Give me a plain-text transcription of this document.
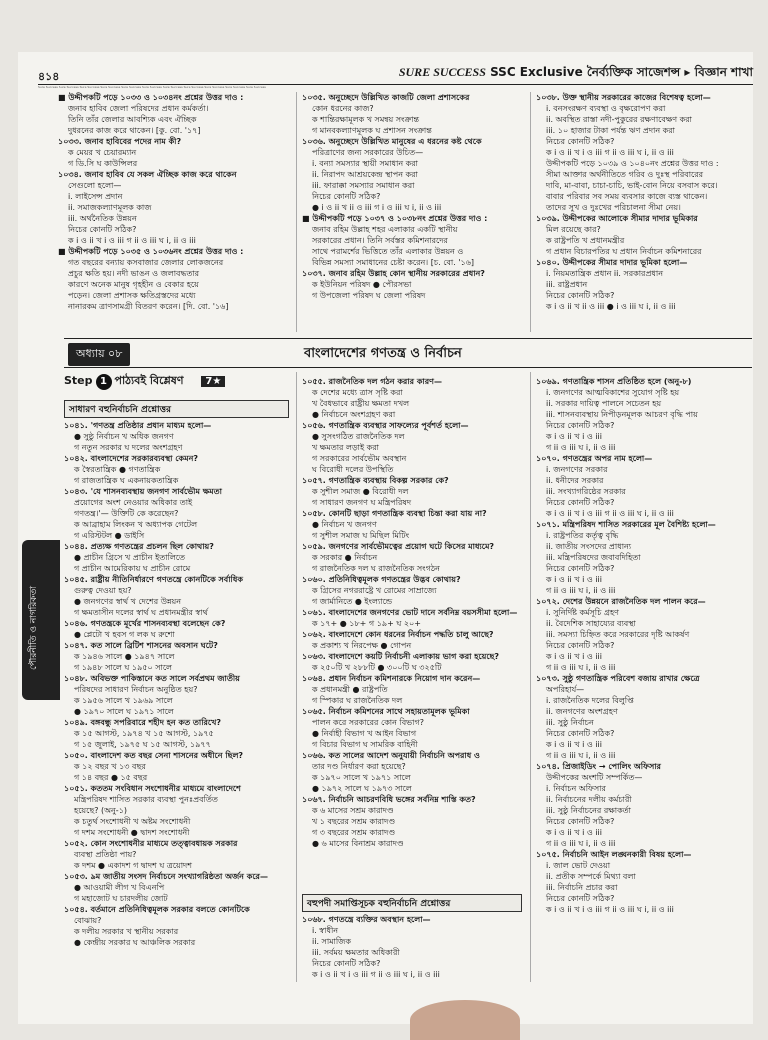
৪১৪	SURE SUCCESS SSC Exclusive নৈর্ব্যক্তিক সাজেশন্স ▸ বিজ্ঞান শাখা
Sure Success Sure Success Sure Success Sure Success Sure Success Sure Success Sure Success Sure Success Sure Success Sure Success Sure Success
■ উদ্দীপকটি পড়ে ১০৩৩ ও ১০৩৪নং প্রশ্নের উত্তর দাও :
জনাব হাবিব জেলা পরিষদের প্রধান কর্মকর্তা।
তিনি তাঁর জেলার আবশ্যিক এবং ঐচ্ছিক
দুধরনের কাজ করে থাকেন। [কু. বো. '১৭]
১০৩৩. জনাব হাবিবের পদের নাম কী?
ক মেয়র খ চেয়ারম্যান
গ ডি.সি ঘ কাউন্সিলর
১০৩৪. জনাব হাবিব যে সকল ঐচ্ছিক কাজ করে থাকেন
সেগুলো হলো—
i. লাইসেন্স প্রদান
ii. সমাজকল্যাণমূলক কাজ
iii. অর্থনৈতিক উন্নয়ন
নিচের কোনটি সঠিক?
ক i ও ii খ i ও iii গ ii ও iii ঘ i, ii ও iii
■ উদ্দীপকটি পড়ে ১০৩৫ ও ১০৩৬নং প্রশ্নের উত্তর দাও :
গত বছরের বন্যায় কসবাজার জেলার লোকজনের
প্রচুর ক্ষতি হয়। নদী ভাঙন ও জলাবদ্ধতার
কারণে অনেক মানুষ গৃহহীন ও বেকার হয়ে
পড়েন। জেলা প্রশাসক ক্ষতিগ্রস্তদের মধ্যে
নানারকম ত্রাণসামগ্রী বিতরণ করেন। [দি. বো. '১৬]
১০৩৫. অনুচ্ছেদে উল্লিখিত কাজটি জেলা প্রশাসকের
কোন ধরনের কাজ?
ক শান্তিরক্ষামূলক খ সমন্বয় সংক্রান্ত
গ মানবকল্যাণমূলক ঘ প্রশাসন সংক্রান্ত
১০৩৬. অনুচ্ছেদে উল্লিখিত মানুষের এ ধরনের কষ্ট থেকে
পরিত্রাণের জন্য সরকারের উচিত—
i. বন্যা সমস্যার স্থায়ী সমাধান করা
ii. নিরাপদ আশ্রয়কেন্দ্র স্থাপন করা
iii. ফারাক্কা সমস্যার সমাধান করা
নিচের কোনটি সঠিক?
● i ও ii খ ii ও iii গ i ও iii ঘ i, ii ও iii
■ উদ্দীপকটি পড়ে ১০৩৭ ও ১০৩৮নং প্রশ্নের উত্তর দাও :
জনাব রহিম উল্লাহ শহর এলাকার একটি স্থানীয়
সরকারের প্রধান। তিনি সর্বস্তর কমিশনারদের
সাথে পরামর্শের ভিত্তিতে তাঁর এলাকার উন্নয়ন ও
বিভিন্ন সমস্যা সমাধানের চেষ্টা করেন। [চ. বো. '১৬]
১০৩৭. জনাব রহিম উল্লাহ কোন স্থানীয় সরকারের প্রধান?
ক ইউনিয়ন পরিষদ ● পৌরসভা
গ উপজেলা পরিষদ ঘ জেলা পরিষদ
১০৩৮. উক্ত স্থানীয় সরকারের কাজের বিশেষত্ব হলো—
i. বনসংরক্ষণ ব্যবস্থা ও বৃক্ষরোপণ করা
ii. অবস্থিত রাস্তা নদী-পুকুরের রক্ষণাবেক্ষণ করা
iii. ১০ হাজার টাকা পর্যন্ত ঋণ প্রদান করা
নিচের কোনটি সঠিক?
ক i ও ii খ i ও iii গ ii ও iii ঘ i, ii ও iii
উদ্দীপকটি পড়ে ১০৩৯ ও ১০৪০নং প্রশ্নের উত্তর দাও :
সীমা আক্তার অর্থনীতিতে গরিব ও দুঃস্থ পরিবারের
দাবি, মা-বাবা, চাচা-চাচি, ভাই-বোন নিয়ে বসবাস করে।
বাবার পরিবার সব সময় ব্যবসার কাজে ব্যস্ত থাকেন।
তাদের সুখ ও দুঃখের পরিচালনা সীমা নেয়।
১০৩৯. উদ্দীপকের আলোকে সীমার দাদার ভূমিকার
মিল রয়েছে কার?
ক রাষ্ট্রপতি খ প্রধানমন্ত্রীর
গ প্রধান বিচারপতির ঘ প্রধান নির্বাচন কমিশনারের
১০৪০. উদ্দীপকের সীমার দাদার ভূমিকা হলো—
i. নিয়মতান্ত্রিক প্রধান ii. সরকারপ্রধান
iii. রাষ্ট্রপ্রধান
নিচের কোনটি সঠিক?
ক i ও ii খ ii ও iii ● i ও iii ঘ i, ii ও iii
অধ্যায় ০৮	বাংলাদেশের গণতন্ত্র ও নির্বাচন
Step 1 পাঠ্যবই বিশ্লেষণ 7★
সাধারণ বহুনির্বাচনি প্রশ্নোত্তর
পৌরনীতি ও নাগরিকতা
১০৪১. 'গণতন্ত্র প্রতিষ্ঠার প্রধান মাধ্যম হলো—
● সুষ্ঠু নির্বাচন খ অধিক জনগণ
গ নতুন সরকার ঘ দলের অংশগ্রহণ
১০৪২. বাংলাদেশের সরকারব্যবস্থা কেমন?
ক স্বৈরতান্ত্রিক ● গণতান্ত্রিক
গ রাজতান্ত্রিক ঘ একনায়কতান্ত্রিক
১০৪৩. 'যে শাসনব্যবস্থায় জনগণ সার্বভৌম ক্ষমতা
প্রয়োগের অংশ নেওয়ার অধিকার তাই
গণতন্ত্র।'— উক্তিটি কে করেছেন?
ক আব্রাহাম লিংকন খ অধ্যাপক গেটেল
গ এরিস্টটল ● ডাইসি
১০৪৪. প্রত্যক্ষ গণতন্ত্রের প্রচলন ছিল কোথায়?
● প্রাচীন গ্রিসে খ প্রাচীন ইতালিতে
গ প্রাচীন আমেরিকায় ঘ প্রাচীন রোমে
১০৪৫. রাষ্ট্রীয় নীতিনির্ধারণে গণতন্ত্রে কোনটিকে সর্বাধিক
গুরুত্ব দেওয়া হয়?
● জনগণের স্বার্থ খ দেশের উন্নয়ন
গ ক্ষমতাসীন দলের স্বার্থ ঘ প্রধানমন্ত্রীর স্বার্থ
১০৪৬. গণতন্ত্রকে মূর্খের শাসনব্যবস্থা বলেছেন কে?
● প্লেটো খ হবস গ লক ঘ রুশো
১০৪৭. কত সালে ব্রিটিশ শাসনের অবসান ঘটে?
ক ১৯৪৬ সালে ● ১৯৪৭ সালে
গ ১৯৪৮ সালে ঘ ১৯৫০ সালে
১০৪৮. অবিভক্ত পাকিস্তানে কত সালে সর্বপ্রথম জাতীয়
পরিষদের সাধারণ নির্বাচন অনুষ্ঠিত হয়?
ক ১৯৫৬ সালে খ ১৯৬৯ সালে
● ১৯৭০ সালে ঘ ১৯৭১ সালে
১০৪৯. বঙ্গবন্ধু সপরিবারে শহীদ হন কত তারিখে?
ক ১৫ আগস্ট, ১৯৭৪ খ ১৫ আগস্ট, ১৯৭৫
গ ১৫ জুলাই, ১৯৭৫ ঘ ১৫ আগস্ট, ১৯৭৭
১০৫০. বাংলাদেশ কত বছর সেনা শাসনের অধীনে ছিল?
ক ১২ বছর খ ১৩ বছর
গ ১৪ বছর ● ১৫ বছর
১০৫১. কততম সংবিধান সংশোধনীর মাধ্যমে বাংলাদেশে
মন্ত্রিপরিষদ শাসিত সরকার ব্যবস্থা পুনঃপ্রবর্তিত
হয়েছে? (অনু-১)
ক চতুর্থ সংশোধনী খ অষ্টম সংশোধনী
গ দশম সংশোধনী ● দ্বাদশ সংশোধনী
১০৫২. কোন সংশোধনীর মাধ্যমে তত্ত্বাবধায়ক সরকার
ব্যবস্থা প্রতিষ্ঠা পায়?
ক দশম ● একাদশ গ দ্বাদশ ঘ ত্রয়োদশ
১০৫৩. ৯ম জাতীয় সংসদ নির্বাচনে সংখ্যাগরিষ্ঠতা অর্জন করে—
● আওয়ামী লীগ খ বিএনপি
গ মহাজোট ঘ চারদলীয় জোট
১০৫৪. বর্তমানে প্রতিনিধিত্বমূলক সরকার বলতে কোনটিকে
বোঝায়?
ক দলীয় সরকার খ স্থানীয় সরকার
● কেন্দ্রীয় সরকার ঘ আঞ্চলিক সরকার
১০৫৫. রাজনৈতিক দল গঠন করার কারণ—
ক দেশের মধ্যে ত্রাস সৃষ্টি করা
খ বৈধভাবে রাষ্ট্রীয় ক্ষমতা দখল
● নির্বাচনে অংশগ্রহণ করা
১০৫৬. গণতান্ত্রিক ব্যবস্থার সাফল্যের পূর্বশর্ত হলো—
● সুসংগঠিত রাজনৈতিক দল
খ ক্ষমতার লড়াই করা
গ সরকারের সার্বভৌম অবস্থান
ঘ বিরোধী দলের উপস্থিতি
১০৫৭. গণতান্ত্রিক ব্যবস্থায় বিকল্প সরকার কে?
ক সুশীল সমাজ ● বিরোধী দল
গ সাধারণ জনগণ ঘ মন্ত্রিপরিষদ
১০৫৮. কোনটি ছাড়া গণতান্ত্রিক ব্যবস্থা চিন্তা করা যায় না?
● নির্বাচন খ জনগণ
গ সুশীল সমাজ ঘ মিছিল মিটিং
১০৫৯. জনগণের সার্বভৌমত্বের প্রয়োগ ঘটে কিসের মাধ্যমে?
ক সরকার ● নির্বাচন
গ রাজনৈতিক দল ঘ রাজনৈতিক সংগঠন
১০৬০. প্রতিনিধিত্বমূলক গণতন্ত্রের উদ্ভব কোথায়?
ক গ্রিসের নগররাষ্ট্রে খ রোমের সাম্রাজ্যে
গ জার্মানিতে ● ইংল্যান্ডে
১০৬১. বাংলাদেশের জনগণের ভোট দানে সর্বনিম্ন বয়সসীমা হলো—
ক ১৭+ ● ১৮+ গ ১৯+ ঘ ২০+
১০৬২. বাংলাদেশে কোন ধরনের নির্বাচন পদ্ধতি চালু আছে?
ক প্রকাশ্য খ নিরপেক্ষ ● গোপন
১০৬৩. বাংলাদেশে কয়টি নির্বাচনী এলাকায় ভাগ করা হয়েছে?
ক ২৫০টি খ ২৮৮টি ● ৩০০টি ঘ ৩২৫টি
১০৬৪. প্রধান নির্বাচন কমিশনারকে নিয়োগ দান করেন—
ক প্রধানমন্ত্রী ● রাষ্ট্রপতি
গ স্পিকার ঘ রাজনৈতিক দল
১০৬৫. নির্বাচন কমিশনের সাথে সহায়তামূলক ভূমিকা
পালন করে সরকারের কোন বিভাগ?
● নির্বাহী বিভাগ খ আইন বিভাগ
গ বিচার বিভাগ ঘ সামরিক বাহিনী
১০৬৬. কত সালের আদেশ অনুযায়ী নির্বাচনি অপরাধ ও
তার দণ্ড নির্ধারণ করা হয়েছে?
ক ১৯৭০ সালে খ ১৯৭১ সালে
● ১৯৭২ সালে ঘ ১৯৭৩ সালে
১০৬৭. নির্বাচনি আচরণবিধি ভঙ্গের সর্বনিম্ন শাস্তি কত?
ক ৬ মাসের সশ্রম কারাদণ্ড
খ ১ বছরের সশ্রম কারাদণ্ড
গ ৩ বছরের সশ্রম কারাদণ্ড
● ৬ মাসের বিনাশ্রম কারাদণ্ড
বহুপদী সমাপ্তিসূচক বহুনির্বাচনি প্রশ্নোত্তর
১০৬৮. গণতন্ত্রে ব্যক্তির অবস্থান হলো—
i. স্বাধীন
ii. সামাজিক
iii. সর্বময় ক্ষমতার অধিকারী
নিচের কোনটি সঠিক?
ক i ও ii খ i ও iii গ ii ও iii ঘ i, ii ও iii
১০৬৯. গণতান্ত্রিক শাসন প্রতিষ্ঠিত হলে (অনু-৮)
i. জনগণের আত্মবিকাশের সুযোগ সৃষ্টি হয়
ii. সরকার দায়িত্ব পালনে সচেতন হয়
iii. শাসনব্যবস্থায় নিপীড়নমূলক আচরণ বৃদ্ধি পায়
নিচের কোনটি সঠিক?
ক i ও ii খ i ও iii
গ ii ও iii ঘ i, ii ও iii
১০৭০. গণতন্ত্রের অপর নাম হলো—
i. জনগণের সরকার
ii. ধনীদের সরকার
iii. সংখ্যাগরিষ্ঠের সরকার
নিচের কোনটি সঠিক?
ক i ও ii খ i ও iii গ ii ও iii ঘ i, ii ও iii
১০৭১. মন্ত্রিপরিষদ শাসিত সরকারের মূল বৈশিষ্ট্য হলো—
i. রাষ্ট্রপতির কর্তৃত্ব বৃদ্ধি
ii. জাতীয় সংসদের প্রাধান্য
iii. মন্ত্রিপরিষদের জবাবদিহিতা
নিচের কোনটি সঠিক?
ক i ও ii খ i ও iii
গ ii ও iii ঘ i, ii ও iii
১০৭২. দেশের উন্নয়নে রাজনৈতিক দল পালন করে—
i. সুনির্দিষ্ট কর্মসূচি গ্রহণ
ii. বৈদেশিক সাহায্যের ব্যবস্থা
iii. সমস্যা চিহ্নিত করে সরকারের দৃষ্টি আকর্ষণ
নিচের কোনটি সঠিক?
ক i ও ii খ i ও iii
গ ii ও iii ঘ i, ii ও iii
১০৭৩. সুষ্ঠু গণতান্ত্রিক পরিবেশ বজায় রাখার ক্ষেত্রে
অপরিহার্য—
i. রাজনৈতিক দলের বিলুপ্তি
ii. জনগণের অংশগ্রহণ
iii. সুষ্ঠু নির্বাচন
নিচের কোনটি সঠিক?
ক i ও ii খ i ও iii
গ ii ও iii ঘ i, ii ও iii
১০৭৪. প্রিজাইডিং → পোলিং অফিসার
উদ্দীপকের অংশটি সম্পর্কিত—
i. নির্বাচন অফিসার
ii. নির্বাচনের দলীয় কর্মচারী
iii. সুষ্ঠু নির্বাচনের রক্ষাকর্তা
নিচের কোনটি সঠিক?
ক i ও ii খ i ও iii
গ ii ও iii ঘ i, ii ও iii
১০৭৫. নির্বাচনি আইন লঙ্ঘনকারী বিষয় হলো—
i. জাল ভোট দেওয়া
ii. প্রতীক সম্পর্কে মিথ্যা বলা
iii. নির্বাচনি প্রচার করা
নিচের কোনটি সঠিক?
ক i ও ii খ i ও iii গ ii ও iii ঘ i, ii ও iii
